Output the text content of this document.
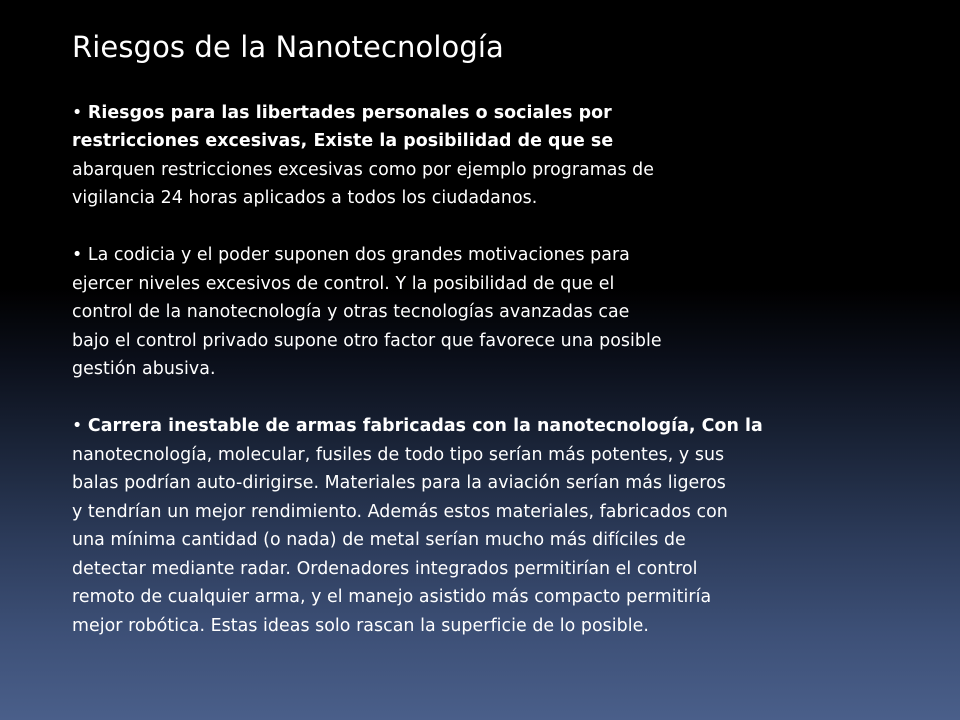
Riesgos de la Nanotecnología
• Riesgos para las libertades personales o sociales por
restricciones excesivas, Existe la posibilidad de que se
abarquen restricciones excesivas como por ejemplo programas de
vigilancia 24 horas aplicados a todos los ciudadanos.
• La codicia y el poder suponen dos grandes motivaciones para
ejercer niveles excesivos de control. Y la posibilidad de que el
control de la nanotecnología y otras tecnologías avanzadas cae
bajo el control privado supone otro factor que favorece una posible
gestión abusiva.
• Carrera inestable de armas fabricadas con la nanotecnología, Con la
nanotecnología, molecular, fusiles de todo tipo serían más potentes, y sus
balas podrían auto-dirigirse. Materiales para la aviación serían más ligeros
y tendrían un mejor rendimiento. Además estos materiales, fabricados con
una mínima cantidad (o nada) de metal serían mucho más difíciles de
detectar mediante radar. Ordenadores integrados permitirían el control
remoto de cualquier arma, y el manejo asistido más compacto permitiría
mejor robótica. Estas ideas solo rascan la superficie de lo posible.
